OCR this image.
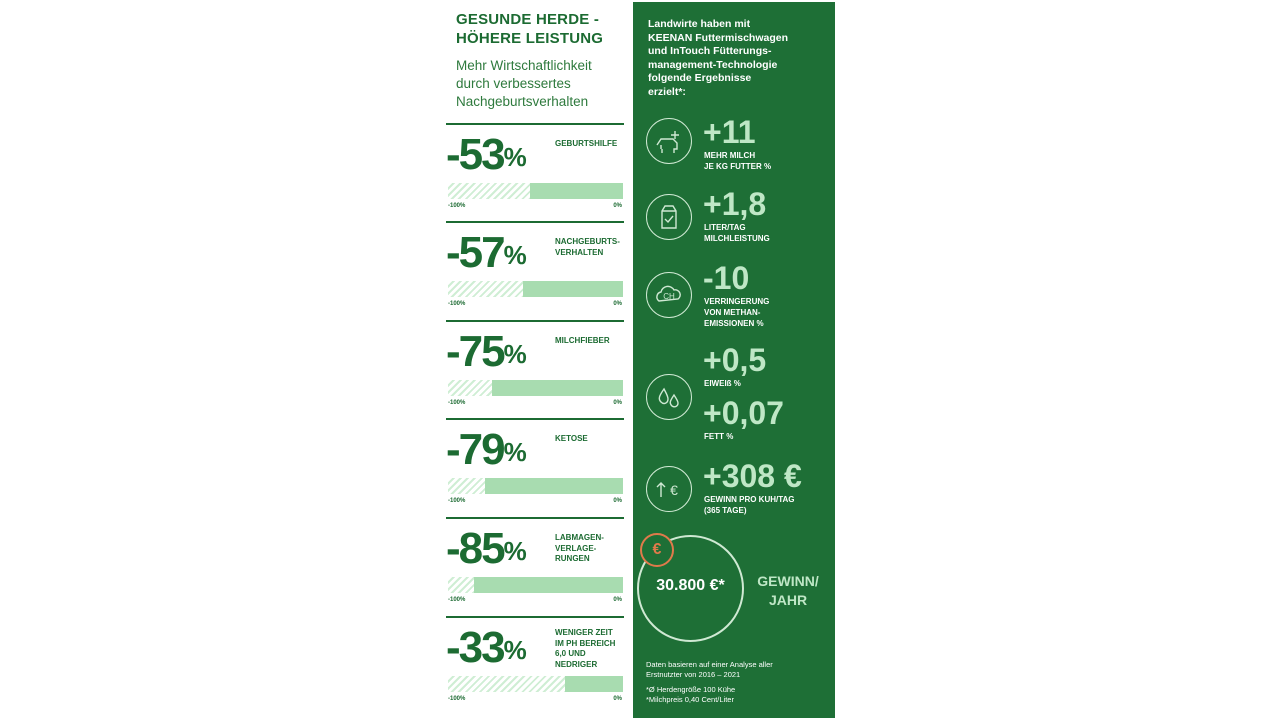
GESUNDE HERDE -
HÖHERE LEISTUNG
Mehr Wirtschaftlichkeit
durch verbessertes
Nachgeburtsverhalten
-53%	GEBURTSHILFE
-100%	0%
-57%	NACHGEBURTS-
VERHALTEN
-100%	0%
-75%	MILCHFIEBER
-100%	0%
-79%	KETOSE
-100%	0%
-85%	LABMAGEN-
VERLAGE-
RUNGEN
-100%	0%
-33%
WENIGER ZEIT
IM PH BEREICH
6,0 UND
NEDRIGER
-100%	0%
Landwirte haben mit
KEENAN Futtermischwagen
und InTouch Fütterungs-
management-Technologie
folgende Ergebnisse
erzielt*:
+11
MEHR MILCH
JE KG FUTTER %
+1,8
LITER/TAG
MILCHLEISTUNG
CH
-10
VERRINGERUNG
VON METHAN-
EMISSIONEN %
+0,5
EIWEIß %
+0,07
FETT %
€ +308 €
GEWINN PRO KUH/TAG
(365 TAGE)
30.800 €*
€
GEWINN/
JAHR
Daten basieren auf einer Analyse aller
Erstnutzter von 2016 – 2021
*Ø Herdengröße 100 Kühe
*Milchpreis 0,40 Cent/Liter
